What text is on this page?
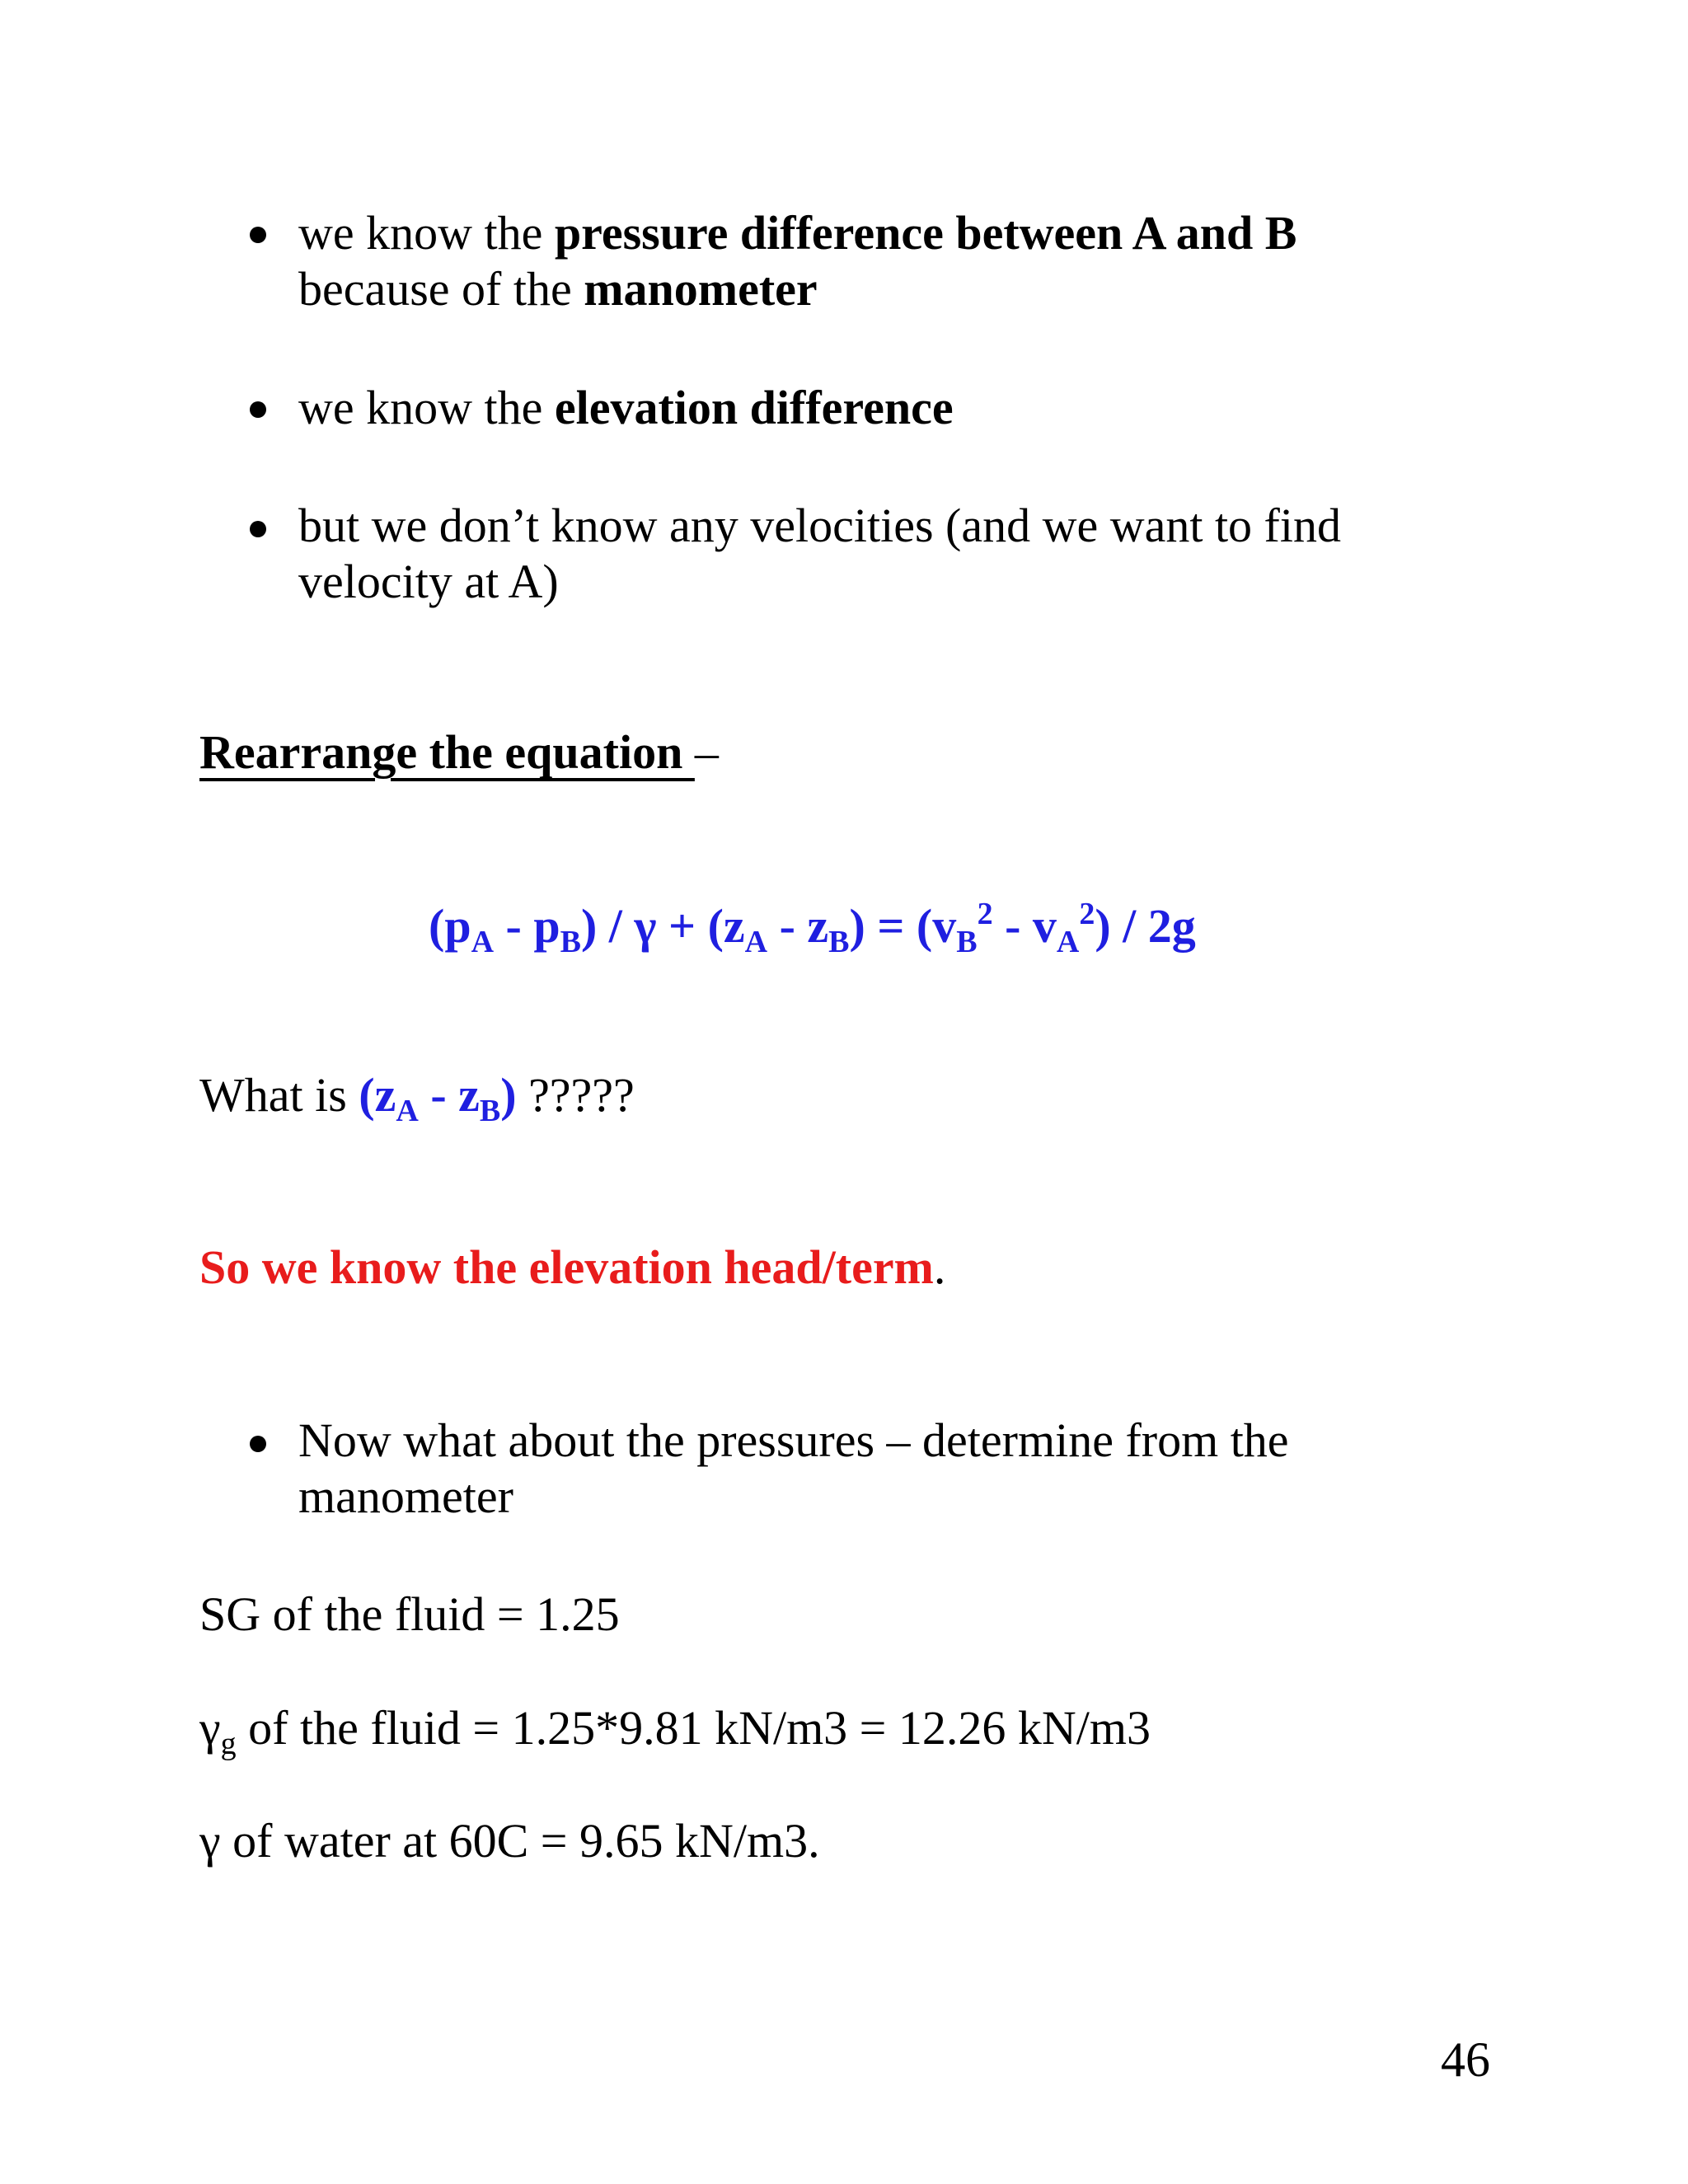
we know the pressure difference between A and B

because of the manometer

we know the elevation difference

but we don’t know any velocities (and we want to find

velocity at A)

Rearrange the equation –

$(p_A - p_B) / \gamma + (z_A - z_B) = (v_B^2 - v_A^2) / 2g$

What is $(z_A - z_B)$ ?????

So we know the elevation head/term.

Now what about the pressures – determine from the

manometer

SG of the fluid = 1.25

$\gamma_g$ of the fluid = 1.25*9.81 kN/m3 = 12.26 kN/m3

γ of water at 60C = 9.65 kN/m3.

46
